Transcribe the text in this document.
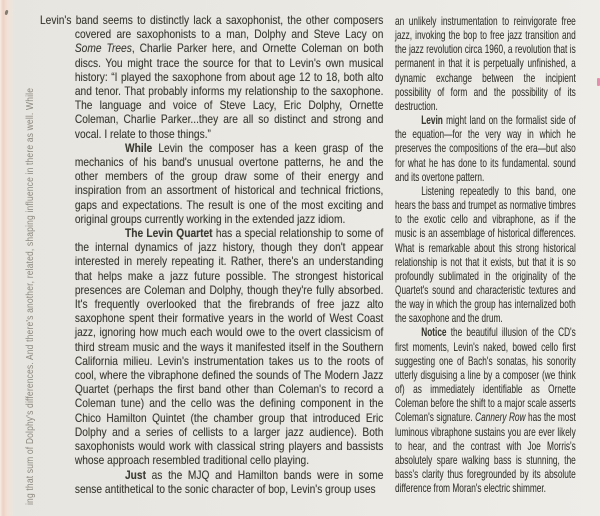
ing that sum of Dolphy's differences. And there's another, related, shaping influence in there as well. While

Levin's band seems to distinctly lack a saxophonist, the other composers covered are saxophonists to a man, Dolphy and Steve Lacy on Some Trees, Charlie Parker here, and Ornette Coleman on both discs. You might trace the source for that to Levin's own musical history: “I played the saxophone from about age 12 to 18, both alto and tenor. That probably informs my relationship to the saxophone. The language and voice of Steve Lacy, Eric Dolphy, Ornette Coleman, Charlie Parker...they are all so distinct and strong and vocal. I relate to those things.”

While Levin the composer has a keen grasp of the mechanics of his band's unusual overtone patterns, he and the other members of the group draw some of their energy and inspiration from an assortment of historical and technical frictions, gaps and expectations. The result is one of the most exciting and original groups currently working in the extended jazz idiom.

The Levin Quartet has a special relationship to some of the internal dynamics of jazz history, though they don't appear interested in merely repeating it. Rather, there's an understanding that helps make a jazz future possible. The strongest historical presences are Coleman and Dolphy, though they're fully absorbed. It's frequently overlooked that the firebrands of free jazz alto saxophone spent their formative years in the world of West Coast jazz, ignoring how much each would owe to the overt classicism of third stream music and the ways it manifested itself in the Southern California milieu. Levin's instrumentation takes us to the roots of cool, where the vibraphone defined the sounds of The Modern Jazz Quartet (perhaps the first band other than Coleman's to record a Coleman tune) and the cello was the defining component in the Chico Hamilton Quintet (the chamber group that introduced Eric Dolphy and a series of cellists to a larger jazz audience). Both saxophonists would work with classical string players and bassists whose approach resembled traditional cello playing.

Just as the MJQ and Hamilton bands were in some sense antithetical to the sonic character of bop, Levin's group uses

an unlikely instrumentation to reinvigorate free jazz, invoking the bop to free jazz transition and the jazz revolution circa 1960, a revolution that is permanent in that it is perpetually unfinished, a dynamic exchange between the incipient possibility of form and the possibility of its destruction.

Levin might land on the formalist side of the equation—for the very way in which he preserves the compositions of the era—but also for what he has done to its fundamental. sound and its overtone pattern.

Listening repeatedly to this band, one hears the bass and trumpet as normative timbres to the exotic cello and vibraphone, as if the music is an assemblage of historical differences. What is remarkable about this strong historical relationship is not that it exists, but that it is so profoundly sublimated in the originality of the Quartet's sound and characteristic textures and the way in which the group has internalized both the saxophone and the drum.

Notice the beautiful illusion of the CD's first moments, Levin's naked, bowed cello first suggesting one of Bach's sonatas, his sonority utterly disguising a line by a composer (we think of) as immediately identifiable as Ornette Coleman before the shift to a major scale asserts Coleman's signature. Cannery Row has the most luminous vibraphone sustains you are ever likely to hear, and the contrast with Joe Morris's absolutely spare walking bass is stunning, the bass's clarity thus foregrounded by its absolute difference from Moran's electric shimmer.
